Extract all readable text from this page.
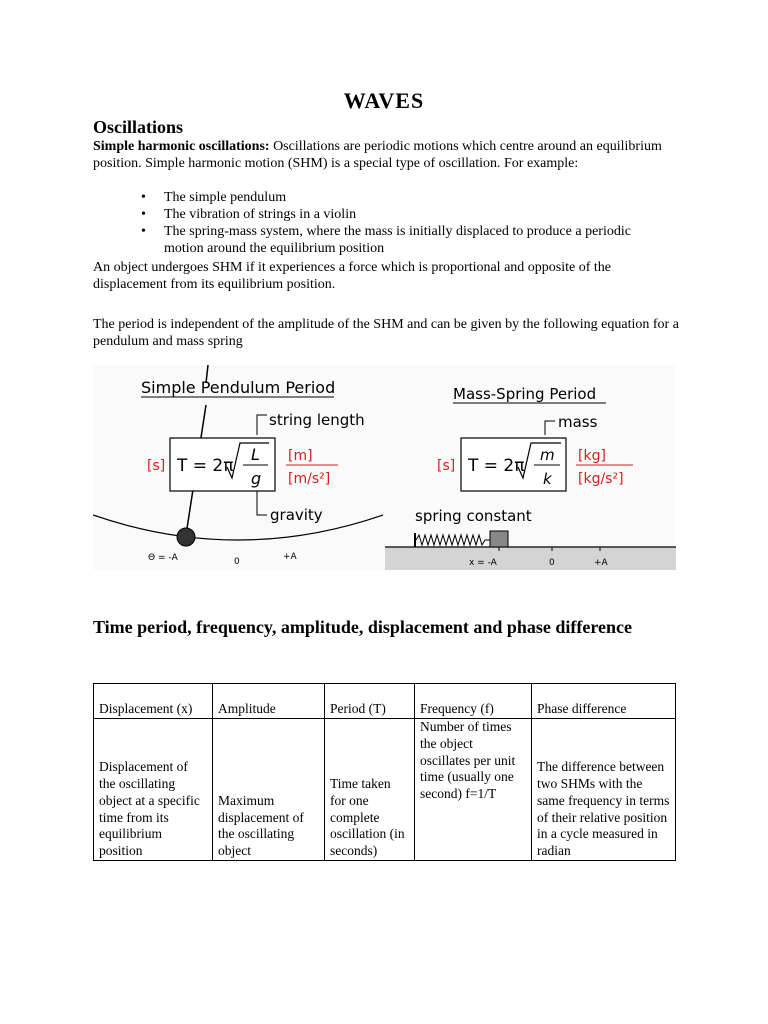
WAVES
Oscillations
Simple harmonic oscillations: Oscillations are periodic motions which centre around an equilibrium position. Simple harmonic motion (SHM) is a special type of oscillation. For example:
• The simple pendulum
• The vibration of strings in a violin
• The spring-mass system, where the mass is initially displaced to produce a periodic motion around the equilibrium position
An object undergoes SHM if it experiences a force which is proportional and opposite of the displacement from its equilibrium position.
The period is independent of the amplitude of the SHM and can be given by the following equation for a pendulum and mass spring
Simple Pendulum Period
string length
[s] T = 2π
L
g
[m]
[m/s²]
gravity
Θ = -A	0	+A
Mass-Spring Period
mass
[s] T = 2π
m
k
[kg]
[kg/s²]
spring constant
x = -A	0	+A
Time period, frequency, amplitude, displacement and phase difference
Displacement (x)	Amplitude	Period (T)	Frequency (f)	Phase difference
Displacement of the oscillating object at a specific time from its equilibrium position	Maximum displacement of the oscillating object	Time taken for one complete oscillation (in seconds)	Number of times the object oscillates per unit time (usually one second) f=1/T	The difference between two SHMs with the same frequency in terms of their relative position in a cycle measured in radian
